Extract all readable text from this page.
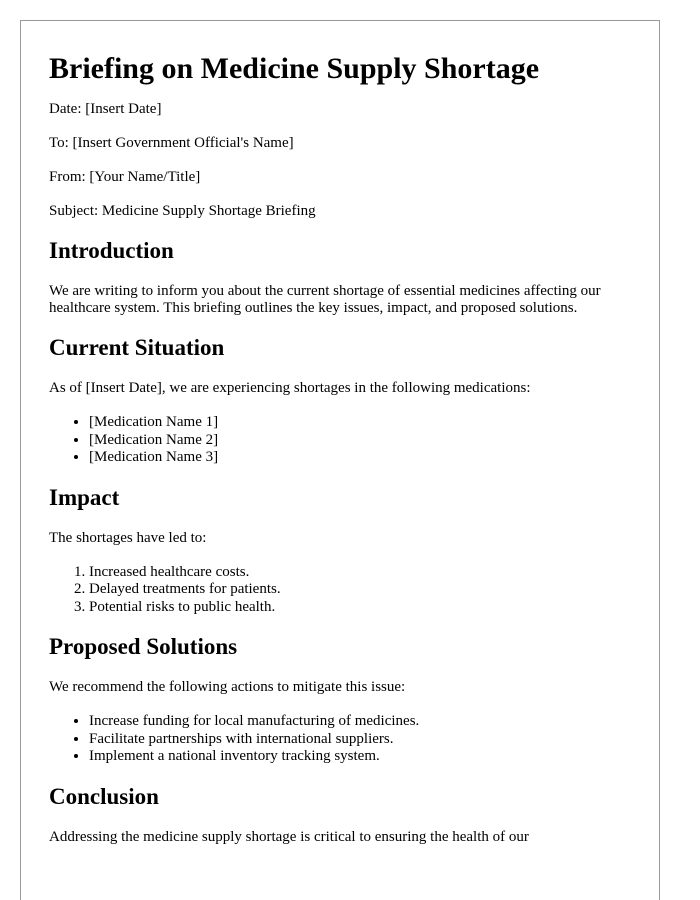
Briefing on Medicine Supply Shortage

Date: [Insert Date]

To: [Insert Government Official's Name]

From: [Your Name/Title]

Subject: Medicine Supply Shortage Briefing

Introduction

We are writing to inform you about the current shortage of essential medicines affecting our healthcare system. This briefing outlines the key issues, impact, and proposed solutions.

Current Situation

As of [Insert Date], we are experiencing shortages in the following medications:

• [Medication Name 1]
• [Medication Name 2]
• [Medication Name 3]
Impact

The shortages have led to:

1. Increased healthcare costs.
2. Delayed treatments for patients.
3. Potential risks to public health.
Proposed Solutions

We recommend the following actions to mitigate this issue:

• Increase funding for local manufacturing of medicines.
• Facilitate partnerships with international suppliers.
• Implement a national inventory tracking system.
Conclusion

Addressing the medicine supply shortage is critical to ensuring the health of our
